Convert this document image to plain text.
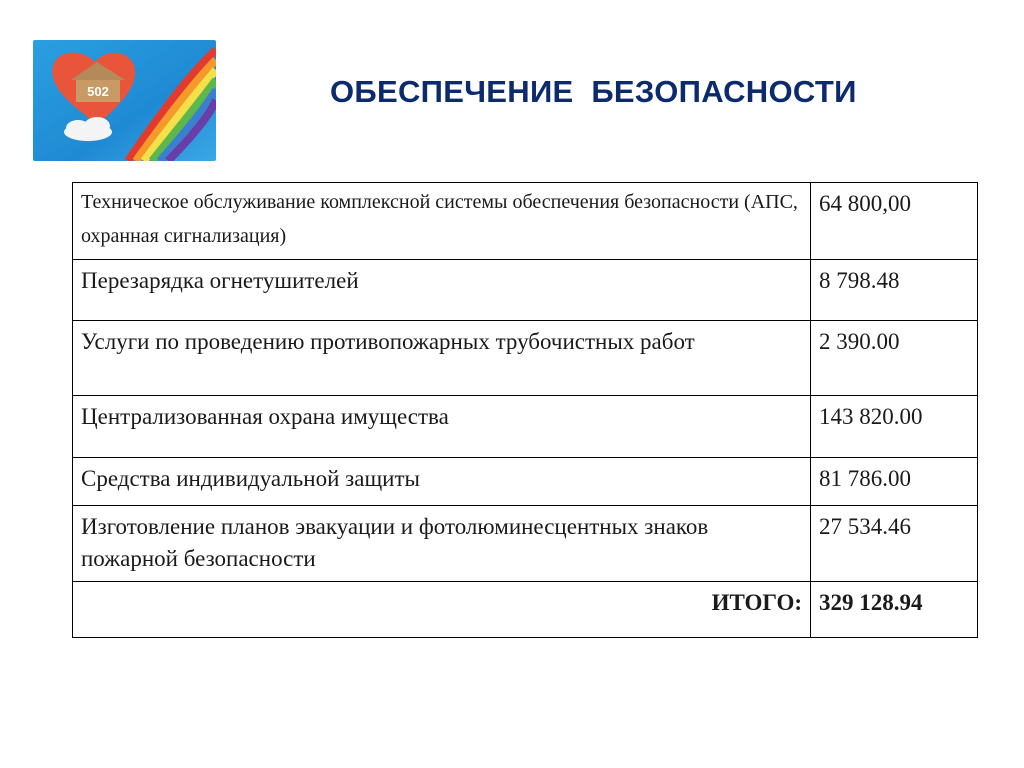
502	ОБЕСПЕЧЕНИЕ  БЕЗОПАСНОСТИ
Техническое обслуживание комплексной системы обеспечения безопасности (АПС, охранная сигнализация)	64 800,00
Перезарядка огнетушителей	8 798.48
Услуги по проведению противопожарных трубочистных работ	2 390.00
Централизованная охрана имущества	143 820.00
Средства индивидуальной защиты	81 786.00
Изготовление планов эвакуации и фотолюминесцентных знаков пожарной безопасности	27 534.46
ИТОГО:	329 128.94
